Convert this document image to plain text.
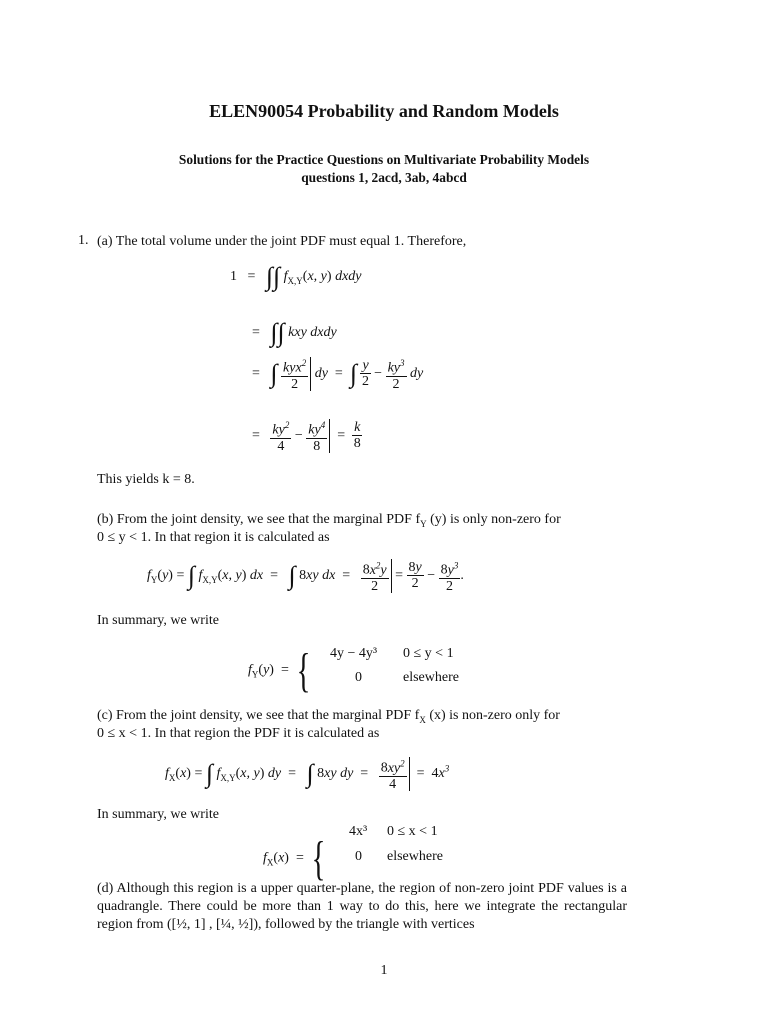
ELEN90054 Probability and Random Models
Solutions for the Practice Questions on Multivariate Probability Models
questions 1, 2acd, 3ab, 4abcd
1. (a) The total volume under the joint PDF must equal 1. Therefore,
1   =   ∫∫ $f_{X,Y}(x$, y) dxdy
=   ∫∫ kxy dxdy
=   ∫ $\frac{kyx^2}{2}$ dy  =  ∫ $\frac{y}{2} - \frac{ky^3}{2}$ dy
= $\frac{ky^2}{4} - \frac{ky^4}{8} = \frac{k}{8}$
This yields k = 8.
(b) From the joint density, we see that the marginal PDF $f_Y$ (y) is only non-zero for
0 ≤ y < 1. In that region it is calculated as
$f_Y(y)$ = ∫ $f_{X,Y}(x$, y) dx  =   ∫ 8xy dx  = $\frac{8x^2y}{2} = \frac{8y}{2} - \frac{8y^3}{2}$ .
In summary, we write
$f_Y(y)$  = {	4y − 4y³ 0 ≤ y < 1
0	elsewhere
(c) From the joint density, we see that the marginal PDF $f_X$ (x) is non-zero only for
0 ≤ x < 1. In that region the PDF it is calculated as
$f_X(x)$ = ∫ $f_{X,Y}(x$, y) dy  =   ∫ 8xy dy  = $\frac{8xy^2}{4} = 4x^3$
In summary, we write
$f_X(x)$  = {
4x³ 0 ≤ x < 1
0 elsewhere
(d) Although this region is a upper quarter-plane, the region of non-zero joint PDF values is a quadrangle. There could be more than 1 way to do this, here we integrate the rectangular region from ([½, 1] , [¼, ½]), followed by the triangle with vertices
1
